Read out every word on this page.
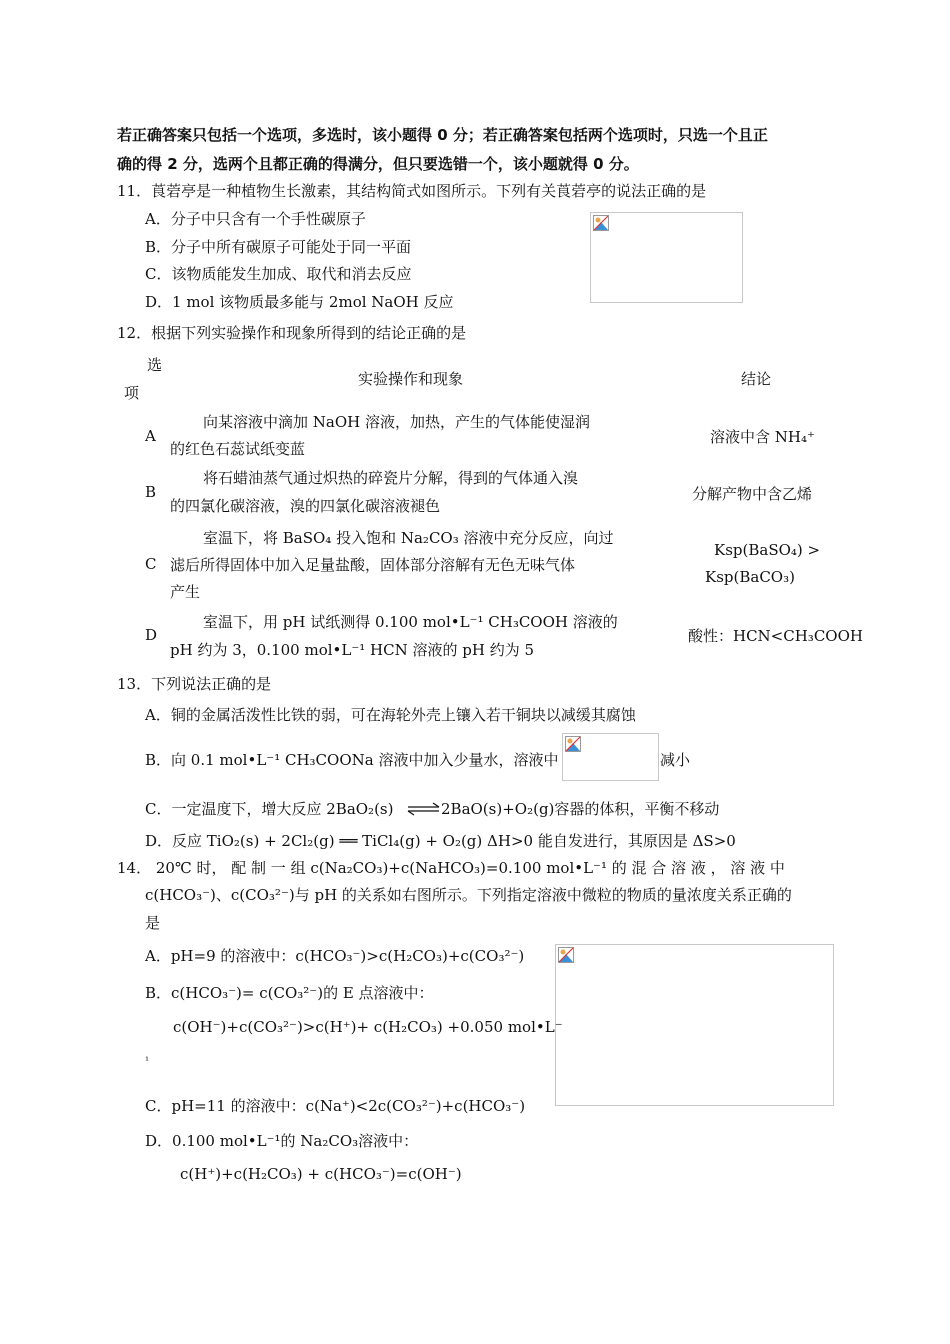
若正确答案只包括一个选项，多选时，该小题得 0 分；若正确答案包括两个选项时，只选一个且正
确的得 2 分，选两个且都正确的得满分，但只要选错一个，该小题就得 0 分。
11．莨菪亭是一种植物生长激素，其结构简式如图所示。下列有关莨菪亭的说法正确的是
A．分子中只含有一个手性碳原子
B．分子中所有碳原子可能处于同一平面
C．该物质能发生加成、取代和消去反应
D．1 mol 该物质最多能与 2mol NaOH 反应
12．根据下列实验操作和现象所得到的结论正确的是
选
项
实验操作和现象	结论
A
向某溶液中滴加 NaOH 溶液，加热，产生的气体能使湿润
的红色石蕊试纸变蓝
溶液中含 NH₄⁺
B
将石蜡油蒸气通过炽热的碎瓷片分解，得到的气体通入溴
的四氯化碳溶液，溴的四氯化碳溶液褪色
分解产物中含乙烯
C
室温下，将 BaSO₄ 投入饱和 Na₂CO₃ 溶液中充分反应，向过
滤后所得固体中加入足量盐酸，固体部分溶解有无色无味气体
产生
Ksp(BaSO₄) >
Ksp(BaCO₃)
D
室温下，用 pH 试纸测得 0.100 mol•L⁻¹ CH₃COOH 溶液的
pH 约为 3，0.100 mol•L⁻¹ HCN 溶液的 pH 约为 5
酸性：HCN<CH₃COOH
13．下列说法正确的是
A．铜的金属活泼性比铁的弱，可在海轮外壳上镶入若干铜块以减缓其腐蚀
B．向 0.1 mol•L⁻¹ CH₃COONa 溶液中加入少量水，溶液中	减小
C．一定温度下，增大反应 2BaO₂(s) ⇌ 2BaO(s)+O₂(g)容器的体积，平衡不移动
D．反应 TiO₂(s) + 2Cl₂(g) ══ TiCl₄(g) + O₂(g) ΔH>0 能自发进行，其原因是 ΔS>0
14． 20℃ 时， 配 制 一 组 c(Na₂CO₃)+c(NaHCO₃)=0.100 mol•L⁻¹ 的 混 合 溶 液 ， 溶 液 中
c(HCO₃⁻)、c(CO₃²⁻)与 pH 的关系如右图所示。下列指定溶液中微粒的物质的量浓度关系正确的
是
A．pH=9 的溶液中：c(HCO₃⁻)>c(H₂CO₃)+c(CO₃²⁻)
B．c(HCO₃⁻)= c(CO₃²⁻)的 E 点溶液中：
c(OH⁻)+c(CO₃²⁻)>c(H⁺)+ c(H₂CO₃) +0.050 mol•L⁻
¹
C．pH=11 的溶液中：c(Na⁺)<2c(CO₃²⁻)+c(HCO₃⁻)
D．0.100 mol•L⁻¹的 Na₂CO₃溶液中：
c(H⁺)+c(H₂CO₃) + c(HCO₃⁻)=c(OH⁻)
